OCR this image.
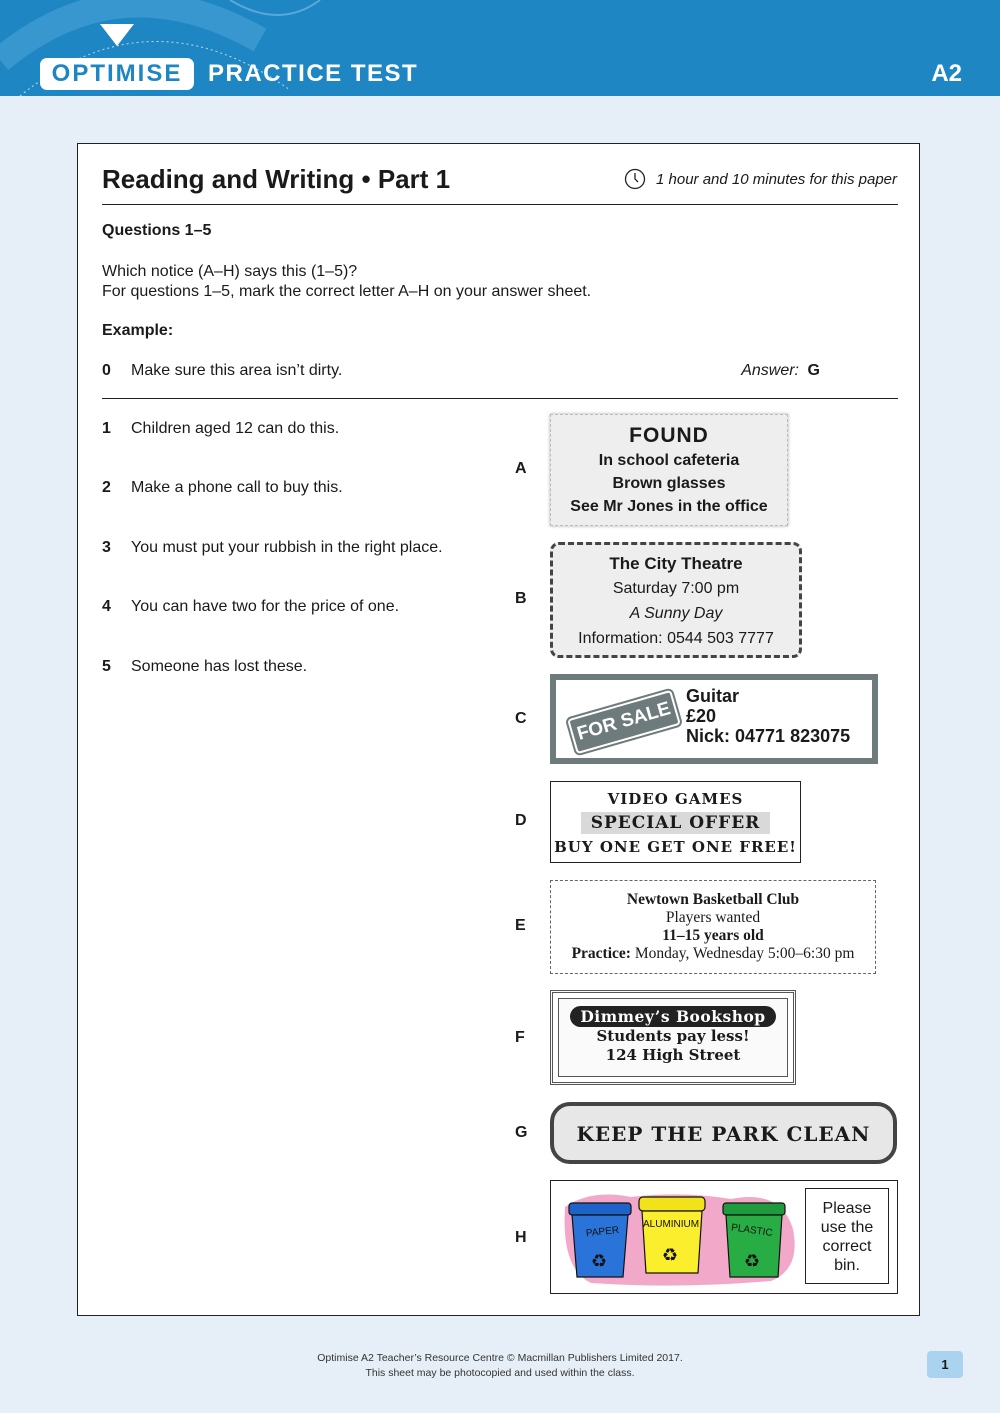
OPTIMISE	PRACTICE TEST	A2
Reading and Writing • Part 1	1 hour and 10 minutes for this paper
Questions 1–5
Which notice (A–H) says this (1–5)?
For questions 1–5, mark the correct letter A–H on your answer sheet.
Example:
0 Make sure this area isn’t dirty.	Answer: G
1 Children aged 12 can do this.
2 Make a phone call to buy this.
3 You must put your rubbish in the right place.
4 You can have two for the price of one.
5 Someone has lost these.
A
B
C
D
E
F
G
H
FOUND
In school cafeteria
Brown glasses
See Mr Jones in the office
The City Theatre
Saturday 7:00 pm
A Sunny Day
Information: 0544 503 7777
FOR SALE
Guitar
£20
Nick: 04771 823075
VIDEO GAMES
SPECIAL OFFER
BUY ONE GET ONE FREE!
Newtown Basketball Club
Players wanted
11–15 years old
Practice: Monday, Wednesday 5:00–6:30 pm
Dimmey’s Bookshop
Students pay less!
124 High Street
KEEP THE PARK CLEAN
PAPER
♻
ALUMINIUM
♻
PLASTIC
♻
Please
use the
correct
bin.
Optimise A2 Teacher’s Resource Centre © Macmillan Publishers Limited 2017.
This sheet may be photocopied and used within the class.
1
